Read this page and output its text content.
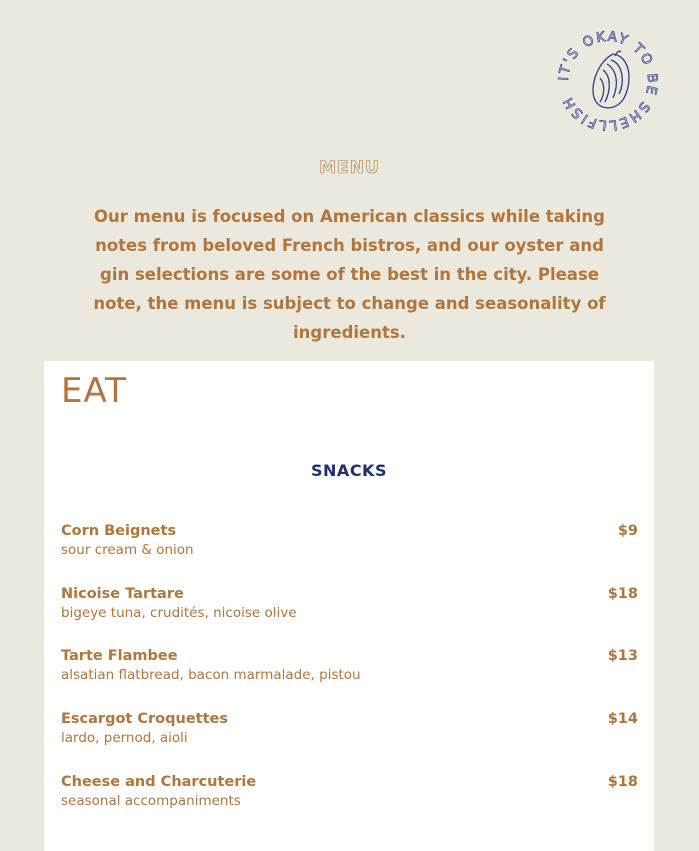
IT'S OKAY TO BE SHELLFISH
MENU

Our menu is focused on American classics while taking notes from beloved French bistros, and our oyster and gin selections are some of the best in the city. Please note, the menu is subject to change and seasonality of ingredients.

EAT
SNACKS
Corn Beignets
sour cream & onion
$9
Nicoise Tartare
bigeye tuna, crudités, nicoise olive
$18
Tarte Flambee
alsatian flatbread, bacon marmalade, pistou
$13
Escargot Croquettes
lardo, pernod, aioli
$14
Cheese and Charcuterie
seasonal accompaniments
$18
